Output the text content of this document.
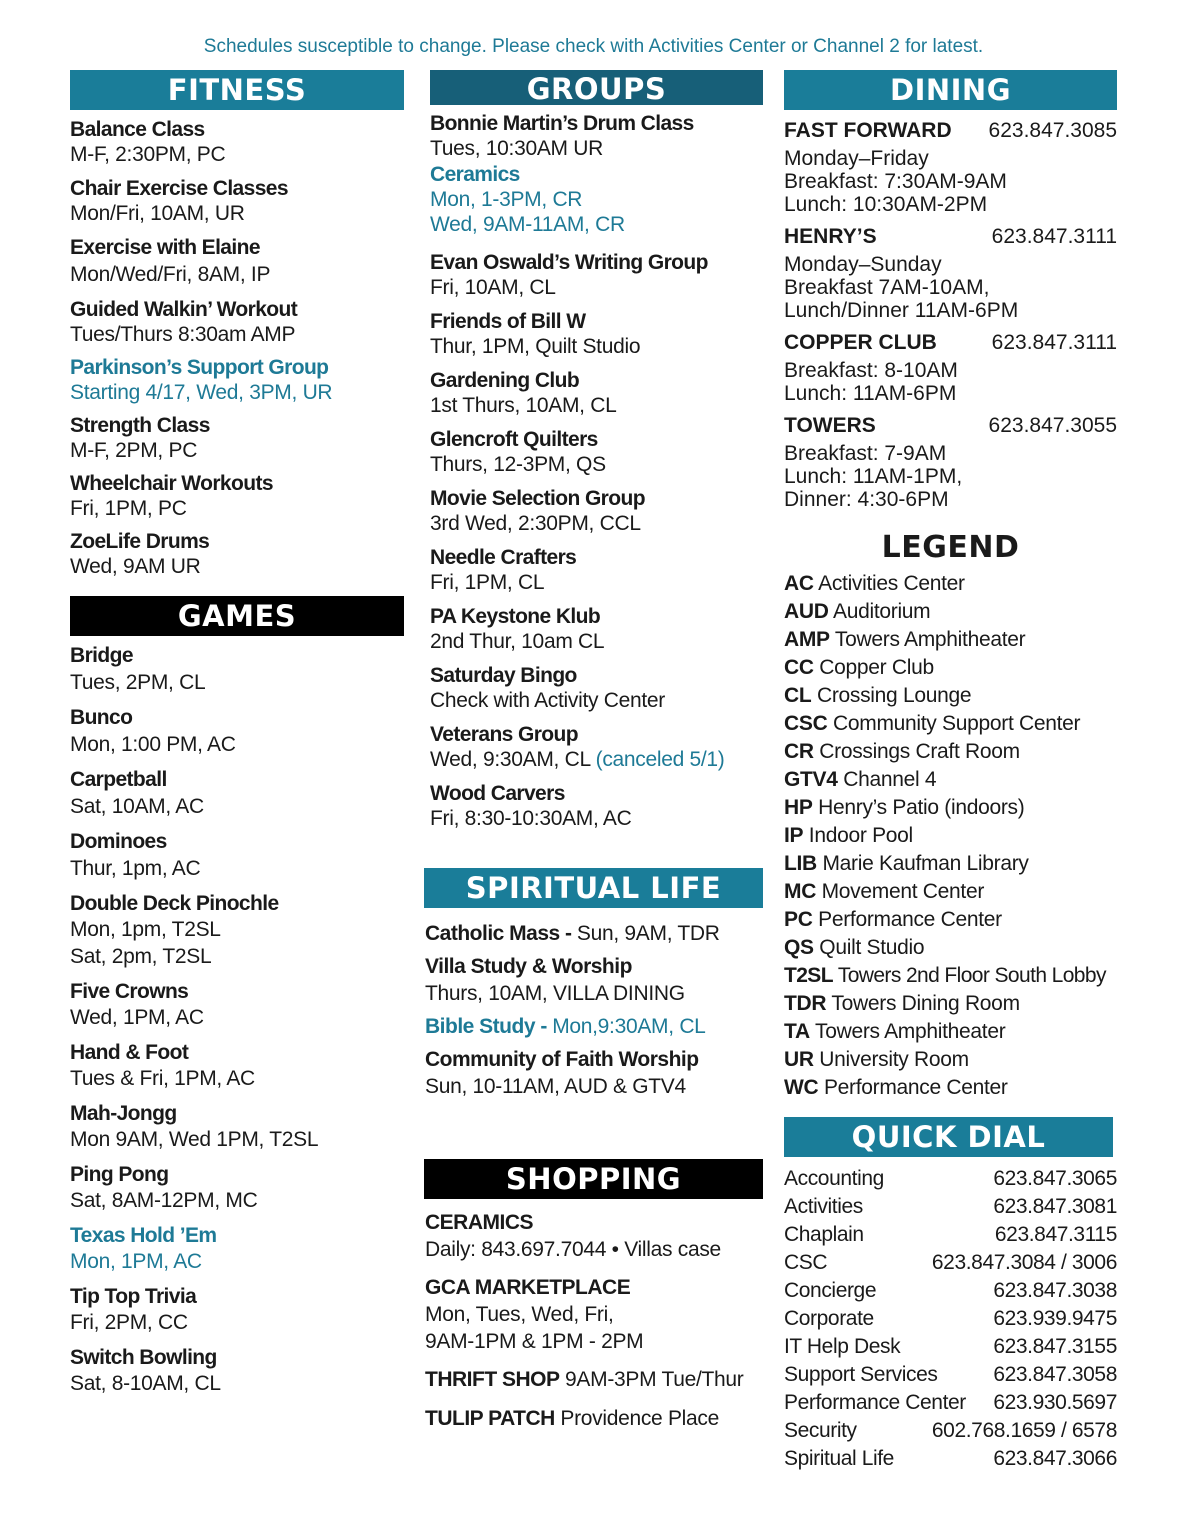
Schedules susceptible to change. Please check with Activities Center or Channel 2 for latest.
FITNESS
Balance Class
M-F, 2:30PM, PC
Chair Exercise Classes
Mon/Fri, 10AM, UR
Exercise with Elaine
Mon/Wed/Fri, 8AM, IP
Guided Walkin’ Workout
Tues/Thurs 8:30am AMP
Parkinson’s Support Group
Starting 4/17, Wed, 3PM, UR
Strength Class
M-F, 2PM, PC
Wheelchair Workouts
Fri, 1PM, PC
ZoeLife Drums
Wed, 9AM UR
GAMES
Bridge
Tues, 2PM, CL
Bunco
Mon, 1:00 PM, AC
Carpetball
Sat, 10AM, AC
Dominoes
Thur, 1pm, AC
Double Deck Pinochle
Mon, 1pm, T2SL
Sat, 2pm, T2SL
Five Crowns
Wed, 1PM, AC
Hand & Foot
Tues & Fri, 1PM, AC
Mah-Jongg
Mon 9AM, Wed 1PM, T2SL
Ping Pong
Sat, 8AM-12PM, MC
Texas Hold ’Em
Mon, 1PM, AC
Tip Top Trivia
Fri, 2PM, CC
Switch Bowling
Sat, 8-10AM, CL
GROUPS
Bonnie Martin’s Drum Class
Tues, 10:30AM UR
Ceramics
Mon, 1-3PM, CR
Wed, 9AM-11AM, CR
Evan Oswald’s Writing Group
Fri, 10AM, CL
Friends of Bill W
Thur, 1PM, Quilt Studio
Gardening Club
1st Thurs, 10AM, CL
Glencroft Quilters
Thurs, 12-3PM, QS
Movie Selection Group
3rd Wed, 2:30PM, CCL
Needle Crafters
Fri, 1PM, CL
PA Keystone Klub
2nd Thur, 10am CL
Saturday Bingo
Check with Activity Center
Veterans Group
Wed, 9:30AM, CL (canceled 5/1)
Wood Carvers
Fri, 8:30-10:30AM, AC
SPIRITUAL LIFE
Catholic Mass - Sun, 9AM, TDR
Villa Study & Worship
Thurs, 10AM, VILLA DINING
Bible Study - Mon,9:30AM, CL
Community of Faith Worship
Sun, 10-11AM, AUD & GTV4
SHOPPING
CERAMICS
Daily: 843.697.7044 • Villas case
GCA MARKETPLACE
Mon, Tues, Wed, Fri,
9AM-1PM & 1PM - 2PM
THRIFT SHOP 9AM-3PM Tue/Thur
TULIP PATCH Providence Place
DINING
FAST FORWARD 623.847.3085
Monday–Friday
Breakfast: 7:30AM-9AM
Lunch: 10:30AM-2PM
HENRY’S	623.847.3111
Monday–Sunday
Breakfast 7AM-10AM,
Lunch/Dinner 11AM-6PM
COPPER CLUB	623.847.3111
Breakfast: 8-10AM
Lunch: 11AM-6PM
TOWERS	623.847.3055
Breakfast: 7-9AM
Lunch: 11AM-1PM,
Dinner: 4:30-6PM
LEGEND
AC Activities Center
AUD Auditorium
AMP Towers Amphitheater
CC Copper Club
CL Crossing Lounge
CSC Community Support Center
CR Crossings Craft Room
GTV4 Channel 4
HP Henry’s Patio (indoors)
IP Indoor Pool
LIB Marie Kaufman Library
MC Movement Center
PC Performance Center
QS Quilt Studio
T2SL Towers 2nd Floor South Lobby
TDR Towers Dining Room
TA Towers Amphitheater
UR University Room
WC Performance Center
QUICK DIAL
Accounting	623.847.3065
Activities	623.847.3081
Chaplain	623.847.3115
CSC	623.847.3084 / 3006
Concierge	623.847.3038
Corporate	623.939.9475
IT Help Desk	623.847.3155
Support Services	623.847.3058
Performance Center 623.930.5697
Security	602.768.1659 / 6578
Spiritual Life	623.847.3066
